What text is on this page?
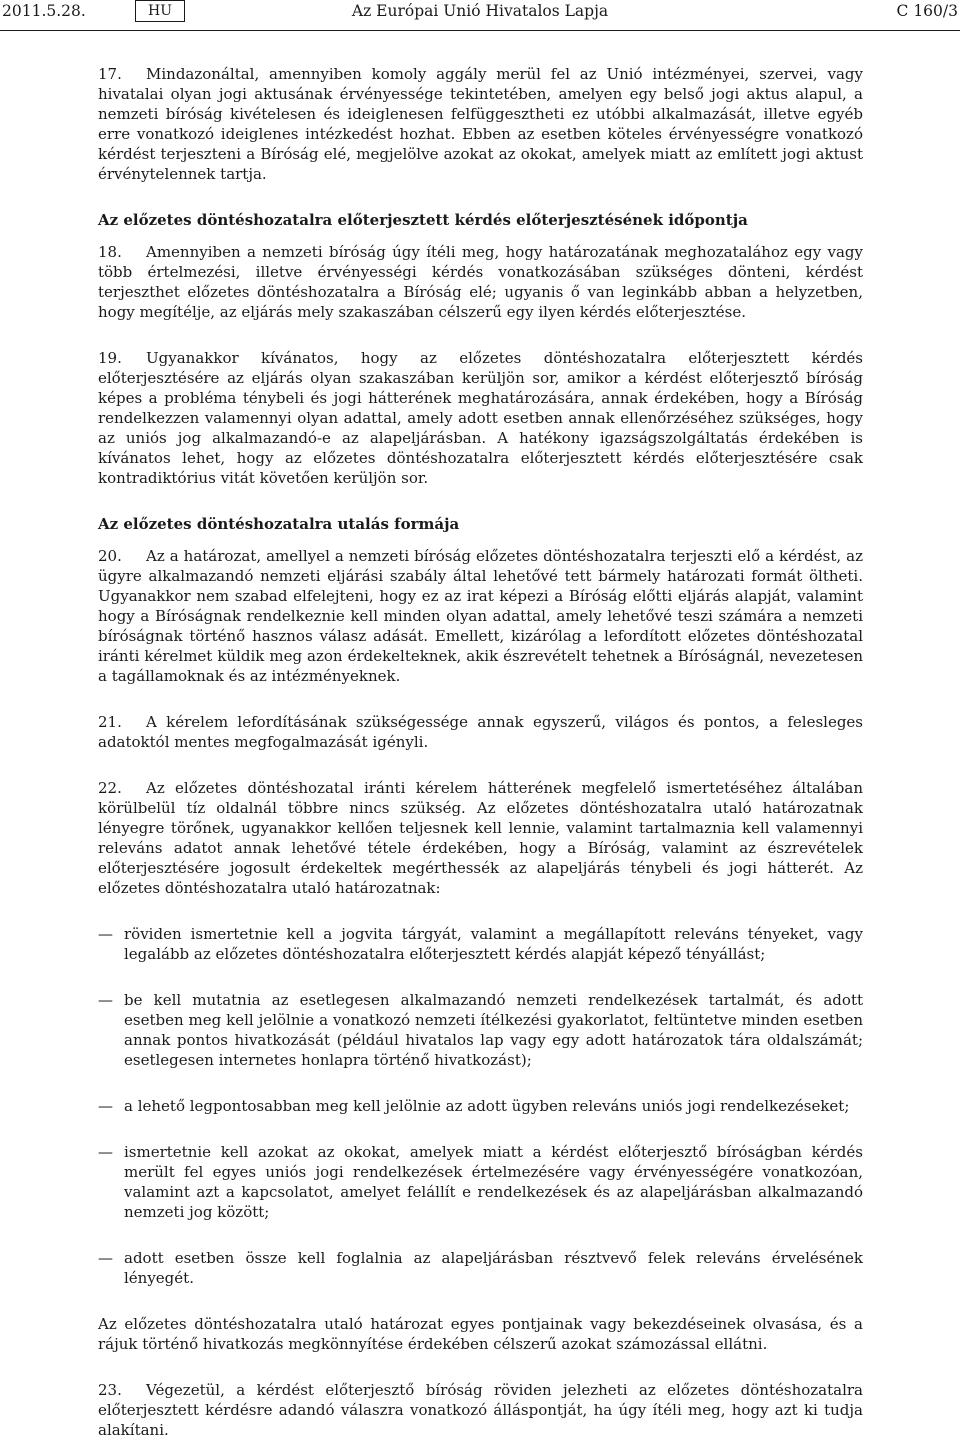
2011.5.28.	HU	Az Európai Unió Hivatalos Lapja	C 160/3

17. Mindazonáltal, amennyiben komoly aggály merül fel az Unió intézményei, szervei, vagy hivatalai olyan jogi aktusának érvényessége tekintetében, amelyen egy belső jogi aktus alapul, a nemzeti bíróság kivételesen és ideiglenesen felfüggesztheti ez utóbbi alkalmazását, illetve egyéb erre vonatkozó ideiglenes intézkedést hozhat. Ebben az esetben köteles érvényességre vonatkozó kérdést terjeszteni a Bíróság elé, megjelölve azokat az okokat, amelyek miatt az említett jogi aktust érvénytelennek tartja.

Az előzetes döntéshozatalra előterjesztett kérdés előterjesztésének időpontja

18. Amennyiben a nemzeti bíróság úgy ítéli meg, hogy határozatának meghozatalához egy vagy több értelmezési, illetve érvényességi kérdés vonatkozásában szükséges dönteni, kérdést terjeszthet előzetes döntéshozatalra a Bíróság elé; ugyanis ő van leginkább abban a helyzetben, hogy megítélje, az eljárás mely szakaszában célszerű egy ilyen kérdés előterjesztése.

19. Ugyanakkor kívánatos, hogy az előzetes döntéshozatalra előterjesztett kérdés előterjesztésére az eljárás olyan szakaszában kerüljön sor, amikor a kérdést előterjesztő bíróság képes a probléma ténybeli és jogi hátterének meghatározására, annak érdekében, hogy a Bíróság rendelkezzen valamennyi olyan adattal, amely adott esetben annak ellenőrzéséhez szükséges, hogy az uniós jog alkalmazandó-e az alapeljárásban. A hatékony igazságszolgáltatás érdekében is kívánatos lehet, hogy az előzetes döntéshozatalra előterjesztett kérdés előterjesztésére csak kontradiktórius vitát követően kerüljön sor.

Az előzetes döntéshozatalra utalás formája

20. Az a határozat, amellyel a nemzeti bíróság előzetes döntéshozatalra terjeszti elő a kérdést, az ügyre alkalmazandó nemzeti eljárási szabály által lehetővé tett bármely határozati formát öltheti. Ugyanakkor nem szabad elfelejteni, hogy ez az irat képezi a Bíróság előtti eljárás alapját, valamint hogy a Bíróságnak rendelkeznie kell minden olyan adattal, amely lehetővé teszi számára a nemzeti bíróságnak történő hasznos válasz adását. Emellett, kizárólag a lefordított előzetes döntéshozatal iránti kérelmet küldik meg azon érdekelteknek, akik észrevételt tehetnek a Bíróságnál, nevezetesen a tagállamoknak és az intézményeknek.

21. A kérelem lefordításának szükségessége annak egyszerű, világos és pontos, a felesleges adatoktól mentes megfogalmazását igényli.

22. Az előzetes döntéshozatal iránti kérelem hátterének megfelelő ismertetéséhez általában körülbelül tíz oldalnál többre nincs szükség. Az előzetes döntéshozatalra utaló határozatnak lényegre törőnek, ugyanakkor kellően teljesnek kell lennie, valamint tartalmaznia kell valamennyi releváns adatot annak lehetővé tétele érdekében, hogy a Bíróság, valamint az észrevételek előterjesztésére jogosult érdekeltek megérthessék az alapeljárás ténybeli és jogi hátterét. Az előzetes döntéshozatalra utaló határozatnak:

— röviden ismertetnie kell a jogvita tárgyát, valamint a megállapított releváns tényeket, vagy legalább az előzetes döntéshozatalra előterjesztett kérdés alapját képező tényállást;
— be kell mutatnia az esetlegesen alkalmazandó nemzeti rendelkezések tartalmát, és adott esetben meg kell jelölnie a vonatkozó nemzeti ítélkezési gyakorlatot, feltüntetve minden esetben annak pontos hivatkozását (például hivatalos lap vagy egy adott határozatok tára oldalszámát; esetlegesen internetes honlapra történő hivatkozást);
— a lehető legpontosabban meg kell jelölnie az adott ügyben releváns uniós jogi rendelkezéseket;
— ismertetnie kell azokat az okokat, amelyek miatt a kérdést előterjesztő bíróságban kérdés merült fel egyes uniós jogi rendelkezések értelmezésére vagy érvényességére vonatkozóan, valamint azt a kapcsolatot, amelyet felállít e rendelkezések és az alapeljárásban alkalmazandó nemzeti jog között;
— adott esetben össze kell foglalnia az alapeljárásban résztvevő felek releváns érvelésének lényegét.

Az előzetes döntéshozatalra utaló határozat egyes pontjainak vagy bekezdéseinek olvasása, és a rájuk történő hivatkozás megkönnyítése érdekében célszerű azokat számozással ellátni.

23. Végezetül, a kérdést előterjesztő bíróság röviden jelezheti az előzetes döntéshozatalra előterjesztett kérdésre adandó válaszra vonatkozó álláspontját, ha úgy ítéli meg, hogy azt ki tudja alakítani.
